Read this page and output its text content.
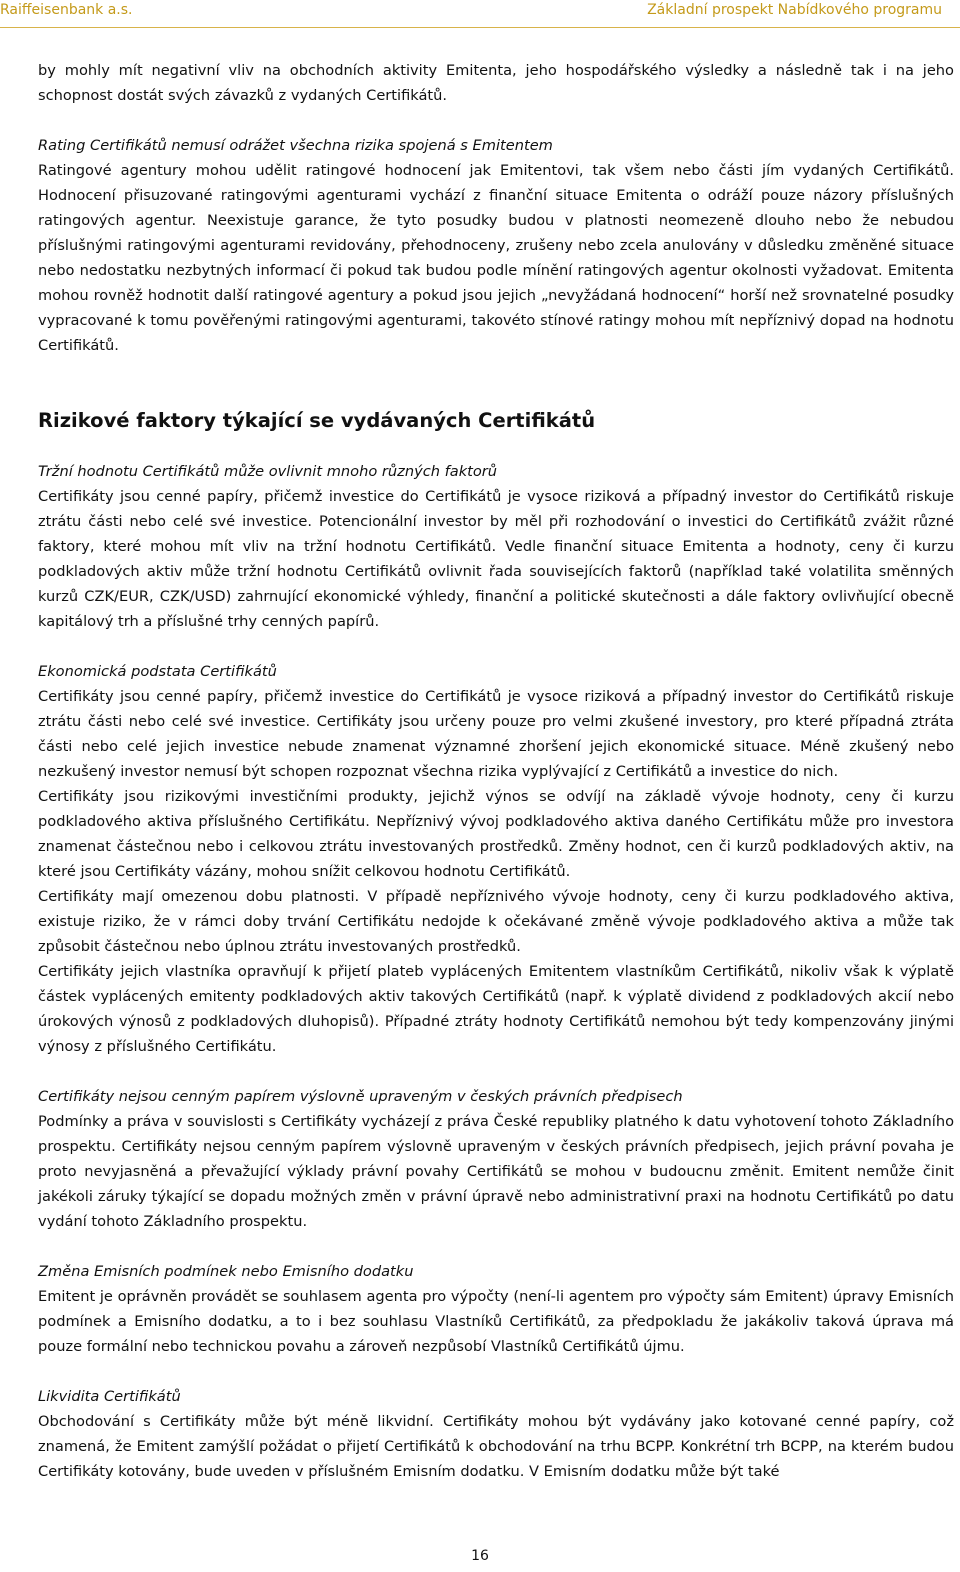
Raiffeisenbank a.s.	Základní prospekt Nabídkového programu

by mohly mít negativní vliv na obchodních aktivity Emitenta, jeho hospodářského výsledky a následně tak i na jeho schopnost dostát svých závazků z vydaných Certifikátů.

Rating Certifikátů nemusí odrážet všechna rizika spojená s Emitentem

Ratingové agentury mohou udělit ratingové hodnocení jak Emitentovi, tak všem nebo části jím vydaných Certifikátů. Hodnocení přisuzované ratingovými agenturami vychází z finanční situace Emitenta o odráží pouze názory příslušných ratingových agentur. Neexistuje garance, že tyto posudky budou v platnosti neomezeně dlouho nebo že nebudou příslušnými ratingovými agenturami revidovány, přehodnoceny, zrušeny nebo zcela anulovány v důsledku změněné situace nebo nedostatku nezbytných informací či pokud tak budou podle mínění ratingových agentur okolnosti vyžadovat. Emitenta mohou rovněž hodnotit další ratingové agentury a pokud jsou jejich „nevyžádaná hodnocení“ horší než srovnatelné posudky vypracované k tomu pověřenými ratingovými agenturami, takovéto stínové ratingy mohou mít nepříznivý dopad na hodnotu Certifikátů.

Rizikové faktory týkající se vydávaných Certifikátů

Tržní hodnotu Certifikátů může ovlivnit mnoho různých faktorů

Certifikáty jsou cenné papíry, přičemž investice do Certifikátů je vysoce riziková a případný investor do Certifikátů riskuje ztrátu části nebo celé své investice. Potencionální investor by měl při rozhodování o investici do Certifikátů zvážit různé faktory, které mohou mít vliv na tržní hodnotu Certifikátů. Vedle finanční situace Emitenta a hodnoty, ceny či kurzu podkladových aktiv může tržní hodnotu Certifikátů ovlivnit řada souvisejících faktorů (například také volatilita směnných kurzů CZK/EUR, CZK/USD) zahrnující ekonomické výhledy, finanční a politické skutečnosti a dále faktory ovlivňující obecně kapitálový trh a příslušné trhy cenných papírů.

Ekonomická podstata Certifikátů

Certifikáty jsou cenné papíry, přičemž investice do Certifikátů je vysoce riziková a případný investor do Certifikátů riskuje ztrátu části nebo celé své investice. Certifikáty jsou určeny pouze pro velmi zkušené investory, pro které případná ztráta části nebo celé jejich investice nebude znamenat významné zhoršení jejich ekonomické situace. Méně zkušený nebo nezkušený investor nemusí být schopen rozpoznat všechna rizika vyplývající z Certifikátů a investice do nich.

Certifikáty jsou rizikovými investičními produkty, jejichž výnos se odvíjí na základě vývoje hodnoty, ceny či kurzu podkladového aktiva příslušného Certifikátu. Nepříznivý vývoj podkladového aktiva daného Certifikátu může pro investora znamenat částečnou nebo i celkovou ztrátu investovaných prostředků. Změny hodnot, cen či kurzů podkladových aktiv, na které jsou Certifikáty vázány, mohou snížit celkovou hodnotu Certifikátů.

Certifikáty mají omezenou dobu platnosti. V případě nepříznivého vývoje hodnoty, ceny či kurzu podkladového aktiva, existuje riziko, že v rámci doby trvání Certifikátu nedojde k očekávané změně vývoje podkladového aktiva a může tak způsobit částečnou nebo úplnou ztrátu investovaných prostředků.

Certifikáty jejich vlastníka opravňují k přijetí plateb vyplácených Emitentem vlastníkům Certifikátů, nikoliv však k výplatě částek vyplácených emitenty podkladových aktiv takových Certifikátů (např. k výplatě dividend z podkladových akcií nebo úrokových výnosů z podkladových dluhopisů). Případné ztráty hodnoty Certifikátů nemohou být tedy kompenzovány jinými výnosy z příslušného Certifikátu.

Certifikáty nejsou cenným papírem výslovně upraveným v českých právních předpisech

Podmínky a práva v souvislosti s Certifikáty vycházejí z práva České republiky platného k datu vyhotovení tohoto Základního prospektu. Certifikáty nejsou cenným papírem výslovně upraveným v českých právních předpisech, jejich právní povaha je proto nevyjasněná a převažující výklady právní povahy Certifikátů se mohou v budoucnu změnit. Emitent nemůže činit jakékoli záruky týkající se dopadu možných změn v právní úpravě nebo administrativní praxi na hodnotu Certifikátů po datu vydání tohoto Základního prospektu.

Změna Emisních podmínek nebo Emisního dodatku

Emitent je oprávněn provádět se souhlasem agenta pro výpočty (není-li agentem pro výpočty sám Emitent) úpravy Emisních podmínek a Emisního dodatku, a to i bez souhlasu Vlastníků Certifikátů, za předpokladu že jakákoliv taková úprava má pouze formální nebo technickou povahu a zároveň nezpůsobí Vlastníků Certifikátů újmu.

Likvidita Certifikátů

Obchodování s Certifikáty může být méně likvidní. Certifikáty mohou být vydávány jako kotované cenné papíry, což znamená, že Emitent zamýšlí požádat o přijetí Certifikátů k obchodování na trhu BCPP. Konkrétní trh BCPP, na kterém budou Certifikáty kotovány, bude uveden v příslušném Emisním dodatku. V Emisním dodatku může být také

16
